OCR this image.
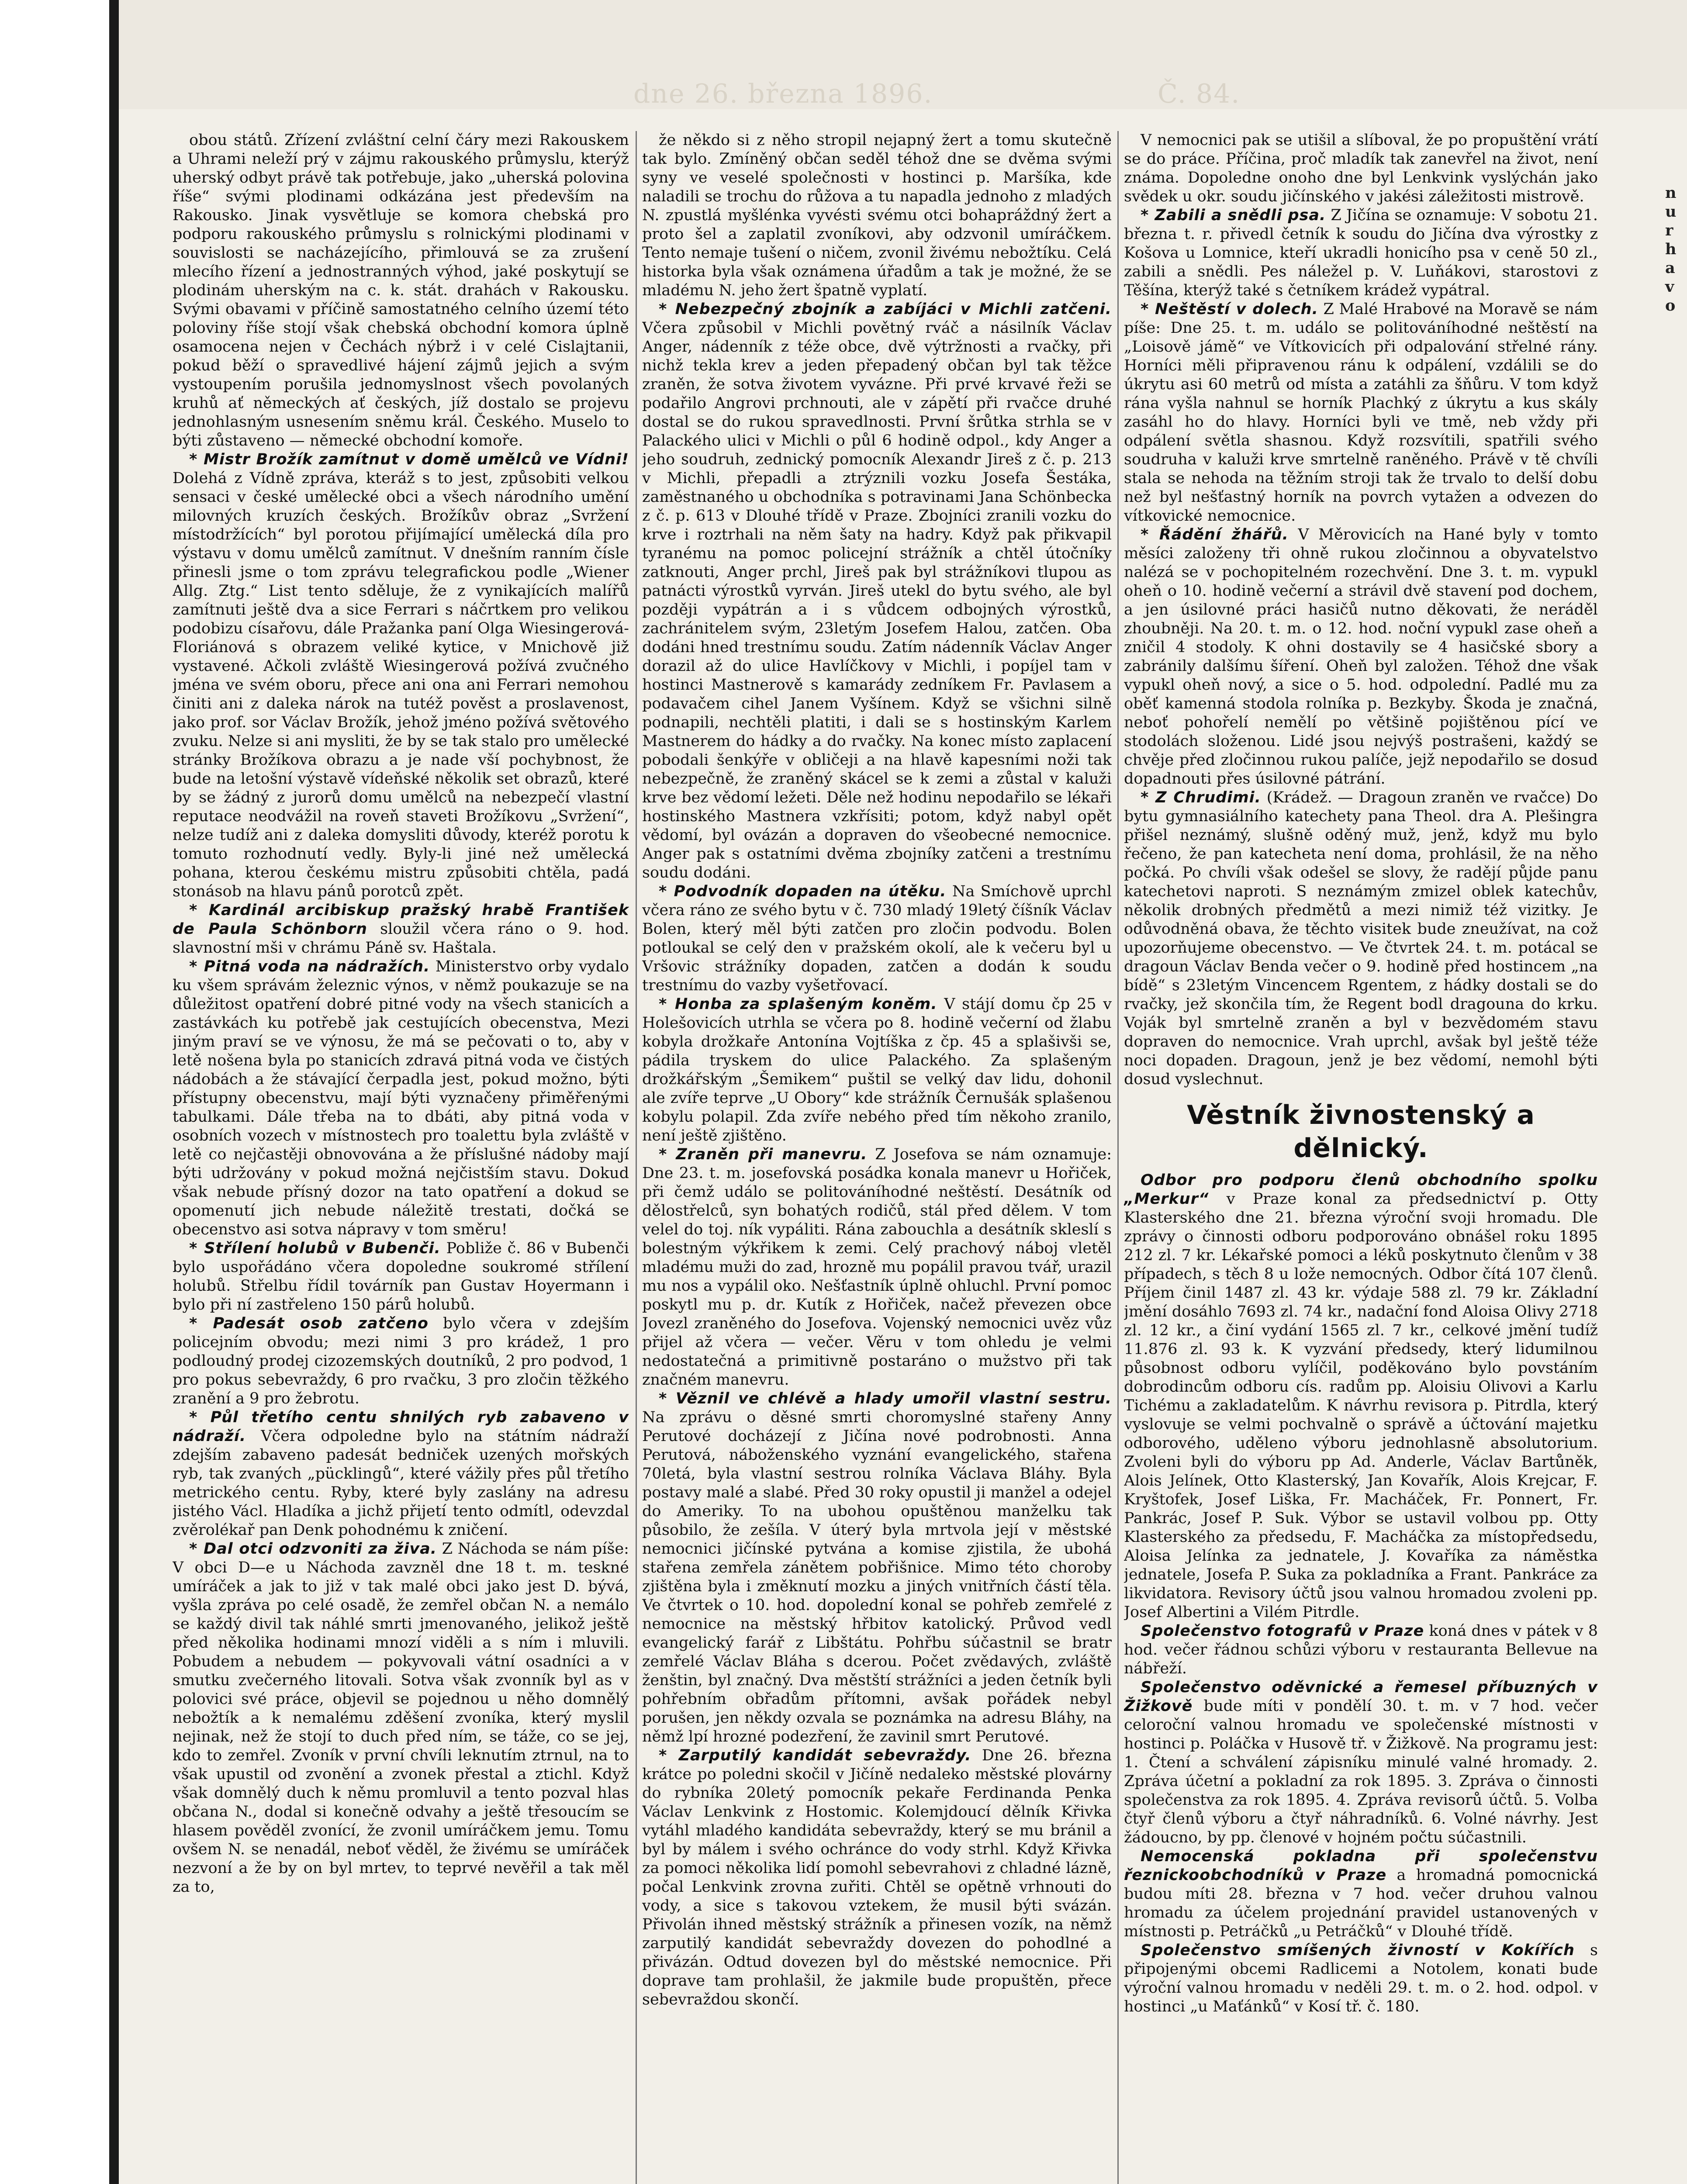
dne 26. března 1896.	Č. 84.

obou států. Zřízení zvláštní celní čáry mezi Rakouskem a Uhrami neleží prý v zájmu rakouského průmyslu, kterýž uherský odbyt právě tak potřebuje, jako „uherská polovina říše“ svými plodinami odkázána jest především na Rakousko. Jinak vysvětluje se komora chebská pro podporu rakouského průmyslu s rolnickými plodinami v souvislosti se nacházejícího, přimlouvá se za zrušení mlecího řízení a jednostranných výhod, jaké poskytují se plodinám uherským na c. k. stát. drahách v Rakousku. Svými obavami v příčině samostatného celního území této poloviny říše stojí však chebská obchodní komora úplně osamocena nejen v Čechách nýbrž i v celé Cislajtanii, pokud běží o spravedlivé hájení zájmů jejich a svým vystoupením porušila jednomyslnost všech povolaných kruhů ať německých ať českých, jíž dostalo se projevu jednohlasným usnesením sněmu král. Českého. Muselo to býti zůstaveno — německé obchodní komoře.

* Mistr Brožík zamítnut v domě umělců ve Vídni! Dolehá z Vídně zpráva, kteráž s to jest, způsobiti velkou sensaci v české umělecké obci a všech národního umění milovných kruzích českých. Brožíkův obraz „Svržení místodržících“ byl porotou přijímající umělecká díla pro výstavu v domu umělců zamítnut. V dnešním ranním čísle přinesli jsme o tom zprávu telegrafickou podle „Wiener Allg. Ztg.“ List tento sděluje, že z vynikajících malířů zamítnuti ještě dva a sice Ferrari s náčrtkem pro velikou podobizu císařovu, dále Pražanka paní Olga Wiesingerová-Floriánová s obrazem veliké kytice, v Mnichově již vystavené. Ačkoli zvláště Wiesingerová požívá zvučného jména ve svém oboru, přece ani ona ani Ferrari nemohou činiti ani z daleka nárok na tutéž pověst a proslavenost, jako prof. sor Václav Brožík, jehož jméno požívá světového zvuku. Nelze si ani mysliti, že by se tak stalo pro umělecké stránky Brožíkova obrazu a je nade vší pochybnost, že bude na letošní výstavě vídeňské několik set obrazů, které by se žádný z jurorů domu umělců na nebezpečí vlastní reputace neodvážil na roveň staveti Brožíkovu „Svržení“, nelze tudíž ani z daleka domysliti důvody, kteréž porotu k tomuto rozhodnutí vedly. Byly-li jiné než umělecká pohana, kterou českému mistru způsobiti chtěla, padá stonásob na hlavu pánů porotců zpět.

* Kardinál arcibiskup pražský hrabě František de Paula Schönborn sloužil včera ráno o 9. hod. slavnostní mši v chrámu Páně sv. Haštala.

* Pitná voda na nádražích. Ministerstvo orby vydalo ku všem správám železnic výnos, v němž poukazuje se na důležitost opatření dobré pitné vody na všech stanicích a zastávkách ku potřebě jak cestujících obecenstva, Mezi jiným praví se ve výnosu, že má se pečovati o to, aby v letě nošena byla po stanicích zdravá pitná voda ve čistých nádobách a že stávající čerpadla jest, pokud možno, býti přístupny obecenstvu, mají býti vyznačeny přiměřenými tabulkami. Dále třeba na to dbáti, aby pitná voda v osobních vozech v místnostech pro toalettu byla zvláště v letě co nejčastěji obnovována a že příslušné nádoby mají býti udržovány v pokud možná nejčistším stavu. Dokud však nebude přísný dozor na tato opatření a dokud se opomenutí jich nebude náležitě trestati, dočká se obecenstvo asi sotva nápravy v tom směru!

* Střílení holubů v Bubenči. Pobliže č. 86 v Bubenči bylo uspořádáno včera dopoledne soukromé střílení holubů. Střelbu řídil továrník pan Gustav Hoyermann i bylo při ní zastřeleno 150 párů holubů.

* Padesát osob zatčeno bylo včera v zdejším policejním obvodu; mezi nimi 3 pro krádež, 1 pro podloudný prodej cizozemských doutníků, 2 pro podvod, 1 pro pokus sebevraždy, 6 pro rvačku, 3 pro zločin těžkého zranění a 9 pro žebrotu.

* Půl třetího centu shnilých ryb zabaveno v nádraží. Včera odpoledne bylo na státním nádraží zdejším zabaveno padesát bedniček uzených mořských ryb, tak zvaných „pücklingů“, které vážily přes půl třetího metrického centu. Ryby, které byly zaslány na adresu jistého Václ. Hladíka a jichž přijetí tento odmítl, odevzdal zvěrolékař pan Denk pohodnému k zničení.

* Dal otci odzvoniti za živa. Z Náchoda se nám píše: V obci D—e u Náchoda zavzněl dne 18 t. m. teskné umíráček a jak to již v tak malé obci jako jest D. bývá, vyšla zpráva po celé osadě, že zemřel občan N. a nemálo se každý divil tak náhlé smrti jmenovaného, jelikož ještě před několika hodinami mnozí viděli a s ním i mluvili. Pobudem a nebudem — pokyvovali vátní osadníci a v smutku zvečerného litovali. Sotva však zvonník byl as v polovici své práce, objevil se pojednou u něho domnělý nebožtík a k nemalému zděšení zvoníka, který myslil nejinak, než že stojí to duch před ním, se táže, co se jej, kdo to zemřel. Zvoník v první chvíli leknutím ztrnul, na to však upustil od zvonění a zvonek přestal a ztichl. Když však domnělý duch k němu promluvil a tento pozval hlas občana N., dodal si konečně odvahy a ještě třesoucím se hlasem pověděl zvonící, že zvonil umíráčkem jemu. Tomu ovšem N. se nenadál, neboť věděl, že živému se umíráček nezvoní a že by on byl mrtev, to teprvé nevěřil a tak měl za to,

že někdo si z něho stropil nejapný žert a tomu skutečně tak bylo. Zmíněný občan seděl téhož dne se dvěma svými syny ve veselé společnosti v hostinci p. Maršíka, kde naladili se trochu do růžova a tu napadla jednoho z mladých N. zpustlá myšlénka vyvésti svému otci bohapráždný žert a proto šel a zaplatil zvoníkovi, aby odzvonil umíráčkem. Tento nemaje tušení o ničem, zvonil živému nebožtíku. Celá historka byla však oznámena úřadům a tak je možné, že se mladému N. jeho žert špatně vyplatí.

* Nebezpečný zbojník a zabíjáci v Michli zatčeni. Včera způsobil v Michli povětný rváč a násilník Václav Anger, nádenník z téže obce, dvě výtržnosti a rvačky, při nichž tekla krev a jeden přepadený občan byl tak těžce zraněn, že sotva životem vyvázne. Při prvé krvavé řeži se podařilo Angrovi prchnouti, ale v zápětí při rvačce druhé dostal se do rukou spravedlnosti. První šrůtka strhla se v Palackého ulici v Michli o půl 6 hodině odpol., kdy Anger a jeho soudruh, zednický pomocník Alexandr Jireš z č. p. 213 v Michli, přepadli a ztrýznili vozku Josefa Šestáka, zaměstnaného u obchodníka s potravinami Jana Schönbecka z č. p. 613 v Dlouhé třídě v Praze. Zbojníci zranili vozku do krve i roztrhali na něm šaty na hadry. Když pak přikvapil tyranému na pomoc policejní strážník a chtěl útočníky zatknouti, Anger prchl, Jireš pak byl strážníkovi tlupou as patnácti výrostků vyrván. Jireš utekl do bytu svého, ale byl později vypátrán a i s vůdcem odbojných výrostků, zachránitelem svým, 23letým Josefem Halou, zatčen. Oba dodáni hned trestnímu soudu. Zatím nádenník Václav Anger dorazil až do ulice Havlíčkovy v Michli, i popíjel tam v hostinci Mastnerově s kamarády zedníkem Fr. Pavlasem a podavačem cihel Janem Vyšínem. Když se všichni silně podnapili, nechtěli platiti, i dali se s hostinským Karlem Mastnerem do hádky a do rvačky. Na konec místo zaplacení pobodali šenkýře v obličeji a na hlavě kapesními noži tak nebezpečně, že zraněný skácel se k zemi a zůstal v kaluži krve bez vědomí ležeti. Děle než hodinu nepodařilo se lékaři hostinského Mastnera vzkřísiti; potom, když nabyl opět vědomí, byl ovázán a dopraven do všeobecné nemocnice. Anger pak s ostatními dvěma zbojníky zatčeni a trestnímu soudu dodáni.

* Podvodník dopaden na útěku. Na Smíchově uprchl včera ráno ze svého bytu v č. 730 mladý 19letý číšník Václav Bolen, který měl býti zatčen pro zločin podvodu. Bolen potloukal se celý den v pražském okolí, ale k večeru byl u Vršovic strážníky dopaden, zatčen a dodán k soudu trestnímu do vazby vyšetřovací.

* Honba za splašeným koněm. V stájí domu čp 25 v Holešovicích utrhla se včera po 8. hodině večerní od žlabu kobyla drožkaře Antonína Vojtíška z čp. 45 a splašivši se, pádila tryskem do ulice Palackého. Za splašeným drožkářským „Šemikem“ puštil se velký dav lidu, dohonil ale zvíře teprve „U Obory“ kde strážník Černušák splašenou kobylu polapil. Zda zvíře nebého před tím někoho zranilo, není ještě zjištěno.

* Zraněn při manevru. Z Josefova se nám oznamuje: Dne 23. t. m. josefovská posádka konala manevr u Hořiček, při čemž událo se politováníhodné neštěstí. Desátník od dělostřelců, syn bohatých rodičů, stál před dělem. V tom velel do toj. ník vypáliti. Rána zabouchla a desátník skleslí s bolestným výkřikem k zemi. Celý prachový náboj vletěl mladému muži do zad, hrozně mu popálil pravou tvář, urazil mu nos a vypálil oko. Nešťastník úplně ohluchl. První pomoc poskytl mu p. dr. Kutík z Hořiček, načež převezen obce Jovezl zraněného do Josefova. Vojenský nemocnici uvěz vůz přijel až včera — večer. Věru v tom ohledu je velmi nedostatečná a primitivně postaráno o mužstvo při tak značném manevru.

* Věznil ve chlévě a hlady umořil vlastní sestru. Na zprávu o děsné smrti choromyslné stařeny Anny Perutové docházejí z Jičína nové podrobnosti. Anna Perutová, náboženského vyznání evangelického, stařena 70letá, byla vlastní sestrou rolníka Václava Bláhy. Byla postavy malé a slabé. Před 30 roky opustil ji manžel a odejel do Ameriky. To na ubohou opuštěnou manželku tak působilo, že zešíla. V úterý byla mrtvola její v městské nemocnici jičínské pytvána a komise zjistila, že ubohá stařena zemřela zánětem pobřišnice. Mimo této choroby zjištěna byla i změknutí mozku a jiných vnitřních částí těla. Ve čtvrtek o 10. hod. dopolední konal se pohřeb zemřelé z nemocnice na městský hřbitov katolický. Průvod vedl evangelický farář z Libštátu. Pohřbu súčastnil se bratr zemřelé Václav Bláha s dcerou. Počet zvědavých, zvláště ženštin, byl značný. Dva městští strážníci a jeden četník byli pohřebním obřadům přítomni, avšak pořádek nebyl porušen, jen někdy ozvala se poznámka na adresu Bláhy, na němž lpí hrozné podezření, že zavinil smrt Perutové.

* Zarputilý kandidát sebevraždy. Dne 26. března krátce po poledni skočil v Jičíně nedaleko městské plovárny do rybníka 20letý pomocník pekaře Ferdinanda Penka Václav Lenkvink z Hostomic. Kolemjdoucí dělník Křivka vytáhl mladého kandidáta sebevraždy, který se mu bránil a byl by málem i svého ochránce do vody strhl. Když Křivka za pomoci několika lidí pomohl sebevrahovi z chladné lázně, počal Lenkvink zrovna zuřiti. Chtěl se opětně vrhnouti do vody, a sice s takovou vztekem, že musil býti svázán. Přivolán ihned městský strážník a přinesen vozík, na němž zarputilý kandidát sebevraždy dovezen do pohodlné a přivázán. Odtud dovezen byl do městské nemocnice. Při doprave tam prohlašil, že jakmile bude propuštěn, přece sebevraždou skončí.

V nemocnici pak se utišil a slíboval, že po propuštění vrátí se do práce. Příčina, proč mladík tak zanevřel na život, není známa. Dopoledne onoho dne byl Lenkvink vyslýchán jako svědek u okr. soudu jičínského v jakési záležitosti mistrově.

* Zabili a snědli psa. Z Jičína se oznamuje: V sobotu 21. března t. r. přivedl četník k soudu do Jičína dva výrostky z Košova u Lomnice, kteří ukradli honicího psa v ceně 50 zl., zabili a snědli. Pes náležel p. V. Luňákovi, starostovi z Těšína, kterýž také s četníkem krádež vypátral.

* Neštěstí v dolech. Z Malé Hrabové na Moravě se nám píše: Dne 25. t. m. událo se politováníhodné neštěstí na „Loisově jámě“ ve Vítkovicích při odpalování střelné rány. Horníci měli připravenou ránu k odpálení, vzdálili se do úkrytu asi 60 metrů od místa a zatáhli za šňůru. V tom když rána vyšla nahnul se horník Plachký z úkrytu a kus skály zasáhl ho do hlavy. Horníci byli ve tmě, neb vždy při odpálení světla shasnou. Když rozsvítili, spatřili svého soudruha v kaluži krve smrtelně raněného. Právě v tě chvíli stala se nehoda na těžním stroji tak že trvalo to delší dobu než byl nešťastný horník na povrch vytažen a odvezen do vítkovické nemocnice.

* Řádění žhářů. V Měrovicích na Hané byly v tomto měsíci založeny tři ohně rukou zločinnou a obyvatelstvo nalézá se v pochopitelném rozechvění. Dne 3. t. m. vypukl oheň o 10. hodině večerní a strávil dvě stavení pod dochem, a jen úsilovné práci hasičů nutno děkovati, že neráděl zhoubněji. Na 20. t. m. o 12. hod. noční vypukl zase oheň a zničil 4 stodoly. K ohni dostavily se 4 hasičské sbory a zabránily dalšímu šíření. Oheň byl založen. Téhož dne však vypukl oheň nový, a sice o 5. hod. odpolední. Padlé mu za oběť kamenná stodola rolníka p. Bezkyby. Škoda je značná, neboť pohořelí nemělí po většině pojištěnou pící ve stodolách složenou. Lidé jsou nejvýš postrašeni, každý se chvěje před zločinnou rukou palíče, jejž nepodařilo se dosud dopadnouti přes úsilovné pátrání.

* Z Chrudimi. (Krádež. — Dragoun zraněn ve rvačce) Do bytu gymnasiálního katechety pana Theol. dra A. Plešingra přišel neznámý, slušně oděný muž, jenž, když mu bylo řečeno, že pan katecheta není doma, prohlásil, že na něho počká. Po chvíli však odešel se slovy, že radějí půjde panu katechetovi naproti. S neznámým zmizel oblek katechův, několik drobných předmětů a mezi nimiž též vizitky. Je odůvodněná obava, že těchto visitek bude zneužívat, na což upozorňujeme obecenstvo. — Ve čtvrtek 24. t. m. potácal se dragoun Václav Benda večer o 9. hodině před hostincem „na bídě“ s 23letým Vincencem Rgentem, z hádky dostali se do rvačky, jež skončila tím, že Regent bodl dragouna do krku. Voják byl smrtelně zraněn a byl v bezvědomém stavu dopraven do nemocnice. Vrah uprchl, avšak byl ještě téže noci dopaden. Dragoun, jenž je bez vědomí, nemohl býti dosud vyslechnut.

Věstník živnostenský a dělnický.

Odbor pro podporu členů obchodního spolku „Merkur“ v Praze konal za předsednictví p. Otty Klasterského dne 21. března výroční svoji hromadu. Dle zprávy o činnosti odboru podporováno obnášel roku 1895 212 zl. 7 kr. Lékařské pomoci a léků poskytnuto členům v 38 případech, s těch 8 u lože nemocných. Odbor čítá 107 členů. Příjem činil 1487 zl. 43 kr. výdaje 588 zl. 79 kr. Základní jmění dosáhlo 7693 zl. 74 kr., nadační fond Aloisa Olivy 2718 zl. 12 kr., a činí vydání 1565 zl. 7 kr., celkové jmění tudíž 11.876 zl. 93 k. K vyzvání předsedy, který lidumilnou působnost odboru vylíčil, poděkováno bylo povstáním dobrodincům odboru cís. radům pp. Aloisiu Olivovi a Karlu Tichému a zakladatelům. K návrhu revisora p. Pitrdla, který vyslovuje se velmi pochvalně o správě a účtování majetku odborového, uděleno výboru jednohlasně absolutorium. Zvoleni byli do výboru pp Ad. Anderle, Václav Bartůněk, Alois Jelínek, Otto Klasterský, Jan Kovařík, Alois Krejcar, F. Kryštofek, Josef Liška, Fr. Macháček, Fr. Ponnert, Fr. Pankrác, Josef P. Suk. Výbor se ustavil volbou pp. Otty Klasterského za předsedu, F. Macháčka za místopředsedu, Aloisa Jelínka za jednatele, J. Kovaříka za náměstka jednatele, Josefa P. Suka za pokladníka a Frant. Pankráce za likvidatora. Revisory účtů jsou valnou hromadou zvoleni pp. Josef Albertini a Vilém Pitrdle.

Společenstvo fotografů v Praze koná dnes v pátek v 8 hod. večer řádnou schůzi výboru v restauranta Bellevue na nábřeží.

Společenstvo oděvnické a řemesel příbuzných v Žižkově bude míti v pondělí 30. t. m. v 7 hod. večer celoroční valnou hromadu ve společenské místnosti v hostinci p. Poláčka v Husově tř. v Žižkově. Na programu jest: 1. Čtení a schválení zápisníku minulé valné hromady. 2. Zpráva účetní a pokladní za rok 1895. 3. Zpráva o činnosti společenstva za rok 1895. 4. Zpráva revisorů účtů. 5. Volba čtyř členů výboru a čtyř náhradníků. 6. Volné návrhy. Jest žádoucno, by pp. členové v hojném počtu súčastnili.

Nemocenská pokladna při společenstvu řeznickoobchodníků v Praze a hromadná pomocnická budou míti 28. března v 7 hod. večer druhou valnou hromadu za účelem projednání pravidel ustanovených v místnosti p. Petráčků „u Petráčků“ v Dlouhé třídě.

Společenstvo smíšených živností v Kokířích s připojenými obcemi Radlicemi a Notolem, konati bude výroční valnou hromadu v neděli 29. t. m. o 2. hod. odpol. v hostinci „u Maťánků“ v Kosí tř. č. 180.

n
u
r
h
a
v
o
